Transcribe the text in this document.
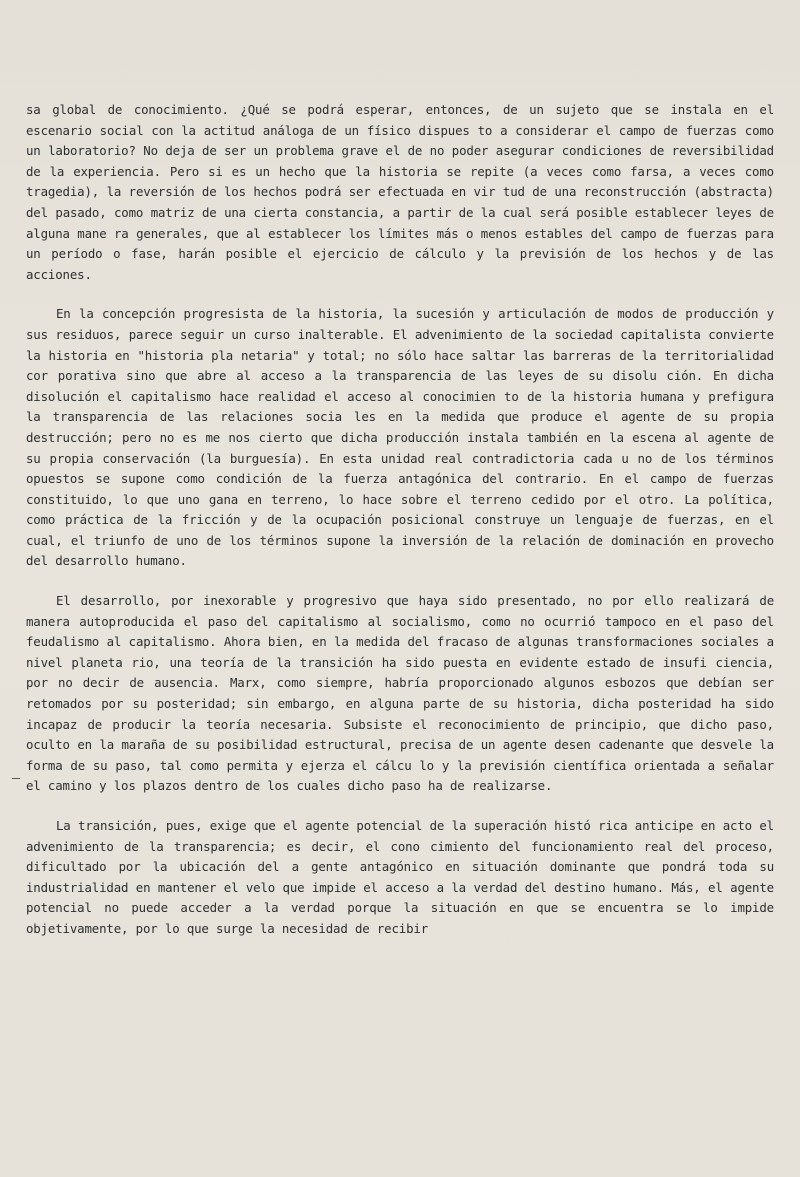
sa global de conocimiento. ¿Qué se podrá esperar, entonces, de un sujeto que se instala en el escenario social con la actitud análoga de un físico dispues to a considerar el campo de fuerzas como un laboratorio? No deja de ser un problema grave el de no poder asegurar condiciones de reversibilidad de la experiencia. Pero si es un hecho que la historia se repite (a veces como farsa, a veces como tragedia), la reversión de los hechos podrá ser efectuada en vir tud de una reconstrucción (abstracta) del pasado, como matriz de una cierta constancia, a partir de la cual será posible establecer leyes de alguna mane ra generales, que al establecer los límites más o menos estables del campo de fuerzas para un período o fase, harán posible el ejercicio de cálculo y la previsión de los hechos y de las acciones.

En la concepción progresista de la historia, la sucesión y articulación de modos de producción y sus residuos, parece seguir un curso inalterable. El advenimiento de la sociedad capitalista convierte la historia en "historia pla netaria" y total; no sólo hace saltar las barreras de la territorialidad cor porativa sino que abre al acceso a la transparencia de las leyes de su disolu ción. En dicha disolución el capitalismo hace realidad el acceso al conocimien to de la historia humana y prefigura la transparencia de las relaciones socia les en la medida que produce el agente de su propia destrucción; pero no es me nos cierto que dicha producción instala también en la escena al agente de su propia conservación (la burguesía). En esta unidad real contradictoria cada u no de los términos opuestos se supone como condición de la fuerza antagónica del contrario. En el campo de fuerzas constituido, lo que uno gana en terreno, lo hace sobre el terreno cedido por el otro. La política, como práctica de la fricción y de la ocupación posicional construye un lenguaje de fuerzas, en el cual, el triunfo de uno de los términos supone la inversión de la relación de dominación en provecho del desarrollo humano.

El desarrollo, por inexorable y progresivo que haya sido presentado, no por ello realizará de manera autoproducida el paso del capitalismo al socialismo, como no ocurrió tampoco en el paso del feudalismo al capitalismo. Ahora bien, en la medida del fracaso de algunas transformaciones sociales a nivel planeta rio, una teoría de la transición ha sido puesta en evidente estado de insufi ciencia, por no decir de ausencia. Marx, como siempre, habría proporcionado algunos esbozos que debían ser retomados por su posteridad; sin embargo, en alguna parte de su historia, dicha posteridad ha sido incapaz de producir la teoría necesaria. Subsiste el reconocimiento de principio, que dicho paso, oculto en la maraña de su posibilidad estructural, precisa de un agente desen cadenante que desvele la forma de su paso, tal como permita y ejerza el cálcu lo y la previsión científica orientada a señalar el camino y los plazos dentro de los cuales dicho paso ha de realizarse.

La transición, pues, exige que el agente potencial de la superación histó rica anticipe en acto el advenimiento de la transparencia; es decir, el cono cimiento del funcionamiento real del proceso, dificultado por la ubicación del a gente antagónico en situación dominante que pondrá toda su industrialidad en mantener el velo que impide el acceso a la verdad del destino humano. Más, el agente potencial no puede acceder a la verdad porque la situación en que se encuentra se lo impide objetivamente, por lo que surge la necesidad de recibir
